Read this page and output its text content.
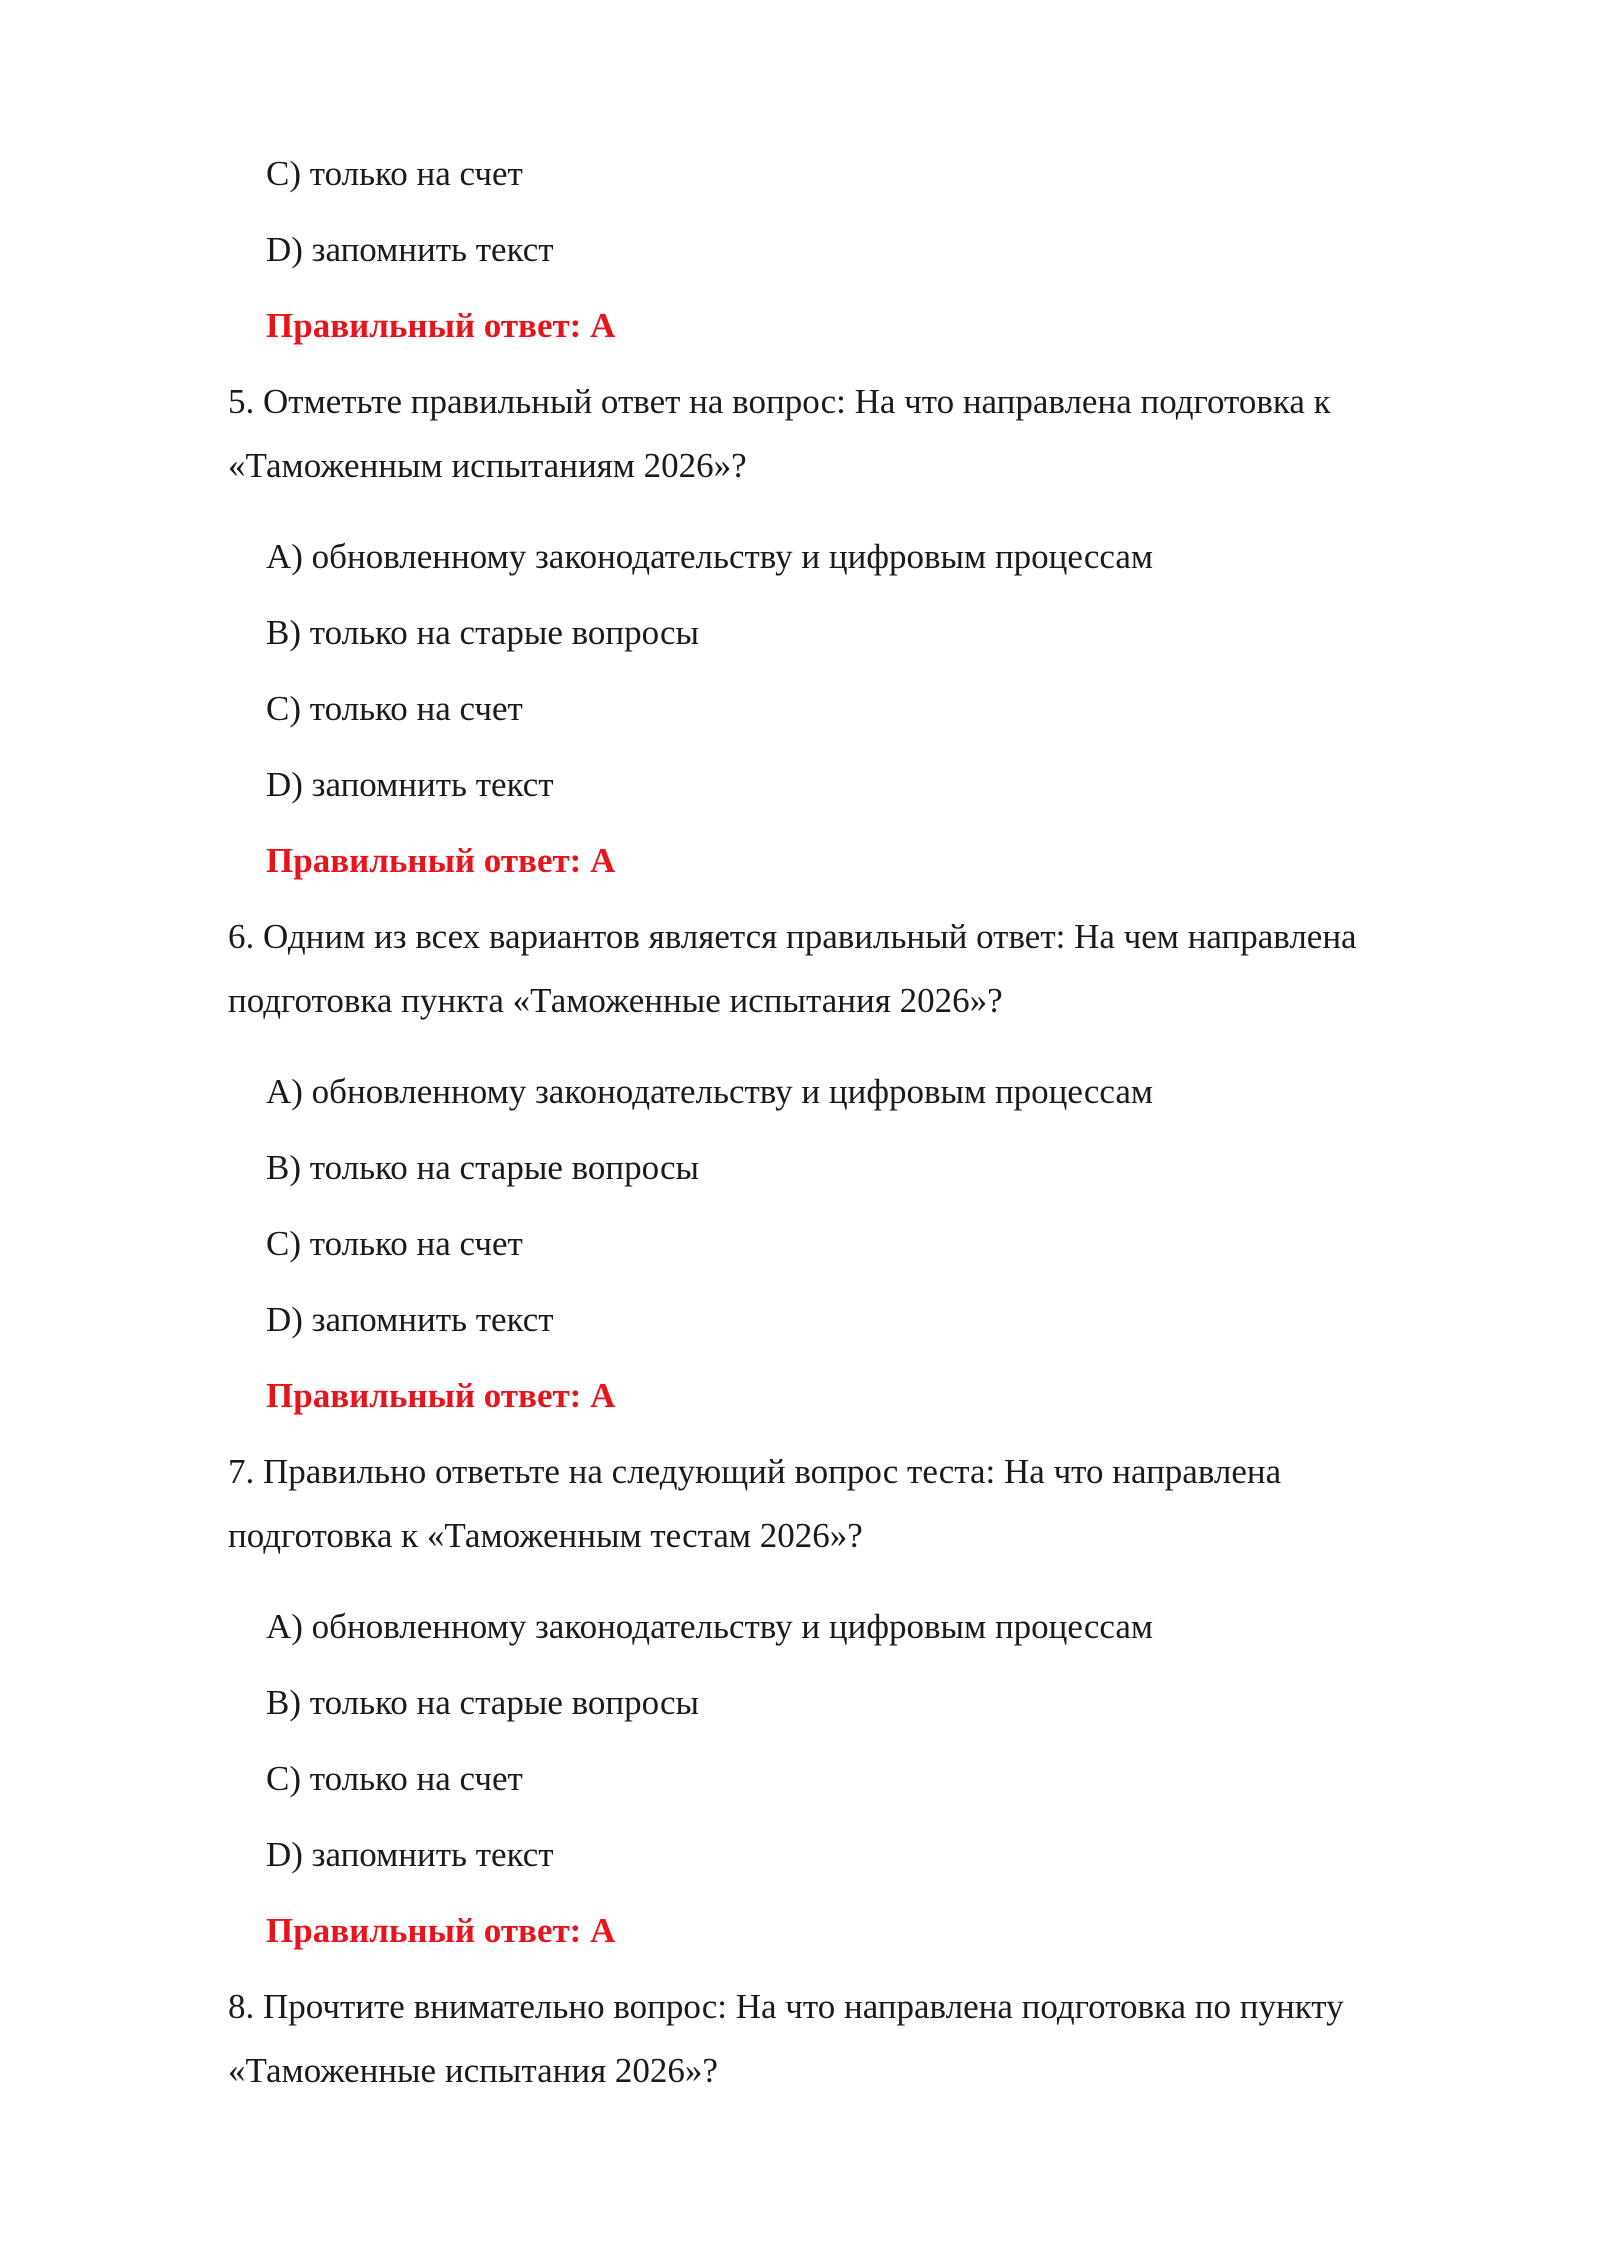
C) только на счет
D) запомнить текст
Правильный ответ: A
5. Отметьте правильный ответ на вопрос: На что направлена подготовка к
«Таможенным испытаниям 2026»?
A) обновленному законодательству и цифровым процессам
B) только на старые вопросы
C) только на счет
D) запомнить текст
Правильный ответ: A
6. Одним из всех вариантов является правильный ответ: На чем направлена
подготовка пункта «Таможенные испытания 2026»?
A) обновленному законодательству и цифровым процессам
B) только на старые вопросы
C) только на счет
D) запомнить текст
Правильный ответ: A
7. Правильно ответьте на следующий вопрос теста: На что направлена
подготовка к «Таможенным тестам 2026»?
A) обновленному законодательству и цифровым процессам
B) только на старые вопросы
C) только на счет
D) запомнить текст
Правильный ответ: A
8. Прочтите внимательно вопрос: На что направлена подготовка по пункту
«Таможенные испытания 2026»?
